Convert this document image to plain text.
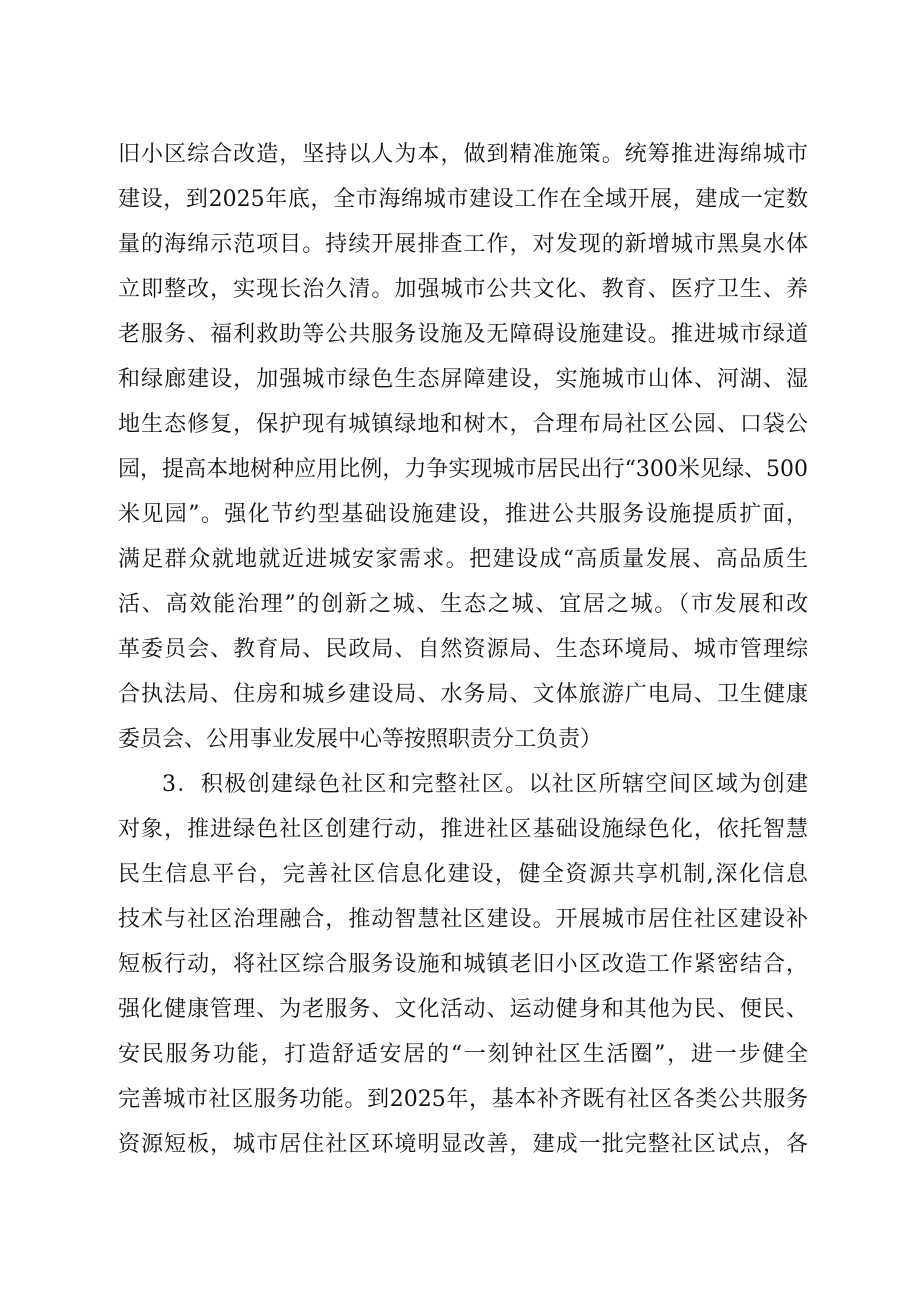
旧小区综合改造，坚持以人为本，做到精准施策。统筹推进海绵城市
建设，到2025年底，全市海绵城市建设工作在全域开展，建成一定数
量的海绵示范项目。持续开展排查工作，对发现的新增城市黑臭水体
立即整改，实现长治久清。加强城市公共文化、教育、医疗卫生、养
老服务、福利救助等公共服务设施及无障碍设施建设。推进城市绿道
和绿廊建设，加强城市绿色生态屏障建设，实施城市山体、河湖、湿
地生态修复，保护现有城镇绿地和树木，合理布局社区公园、口袋公
园，提高本地树种应用比例，力争实现城市居民出行“300米见绿、500
米见园”。强化节约型基础设施建设，推进公共服务设施提质扩面，
满足群众就地就近进城安家需求。把建设成“高质量发展、高品质生
活、高效能治理”的创新之城、生态之城、宜居之城。（市发展和改
革委员会、教育局、民政局、自然资源局、生态环境局、城市管理综
合执法局、住房和城乡建设局、水务局、文体旅游广电局、卫生健康
委员会、公用事业发展中心等按照职责分工负责）
3．积极创建绿色社区和完整社区。以社区所辖空间区域为创建
对象，推进绿色社区创建行动，推进社区基础设施绿色化，依托智慧
民生信息平台，完善社区信息化建设，健全资源共享机制,深化信息
技术与社区治理融合，推动智慧社区建设。开展城市居住社区建设补
短板行动，将社区综合服务设施和城镇老旧小区改造工作紧密结合，
强化健康管理、为老服务、文化活动、运动健身和其他为民、便民、
安民服务功能，打造舒适安居的“一刻钟社区生活圈”，进一步健全
完善城市社区服务功能。到2025年，基本补齐既有社区各类公共服务
资源短板，城市居住社区环境明显改善，建成一批完整社区试点，各
